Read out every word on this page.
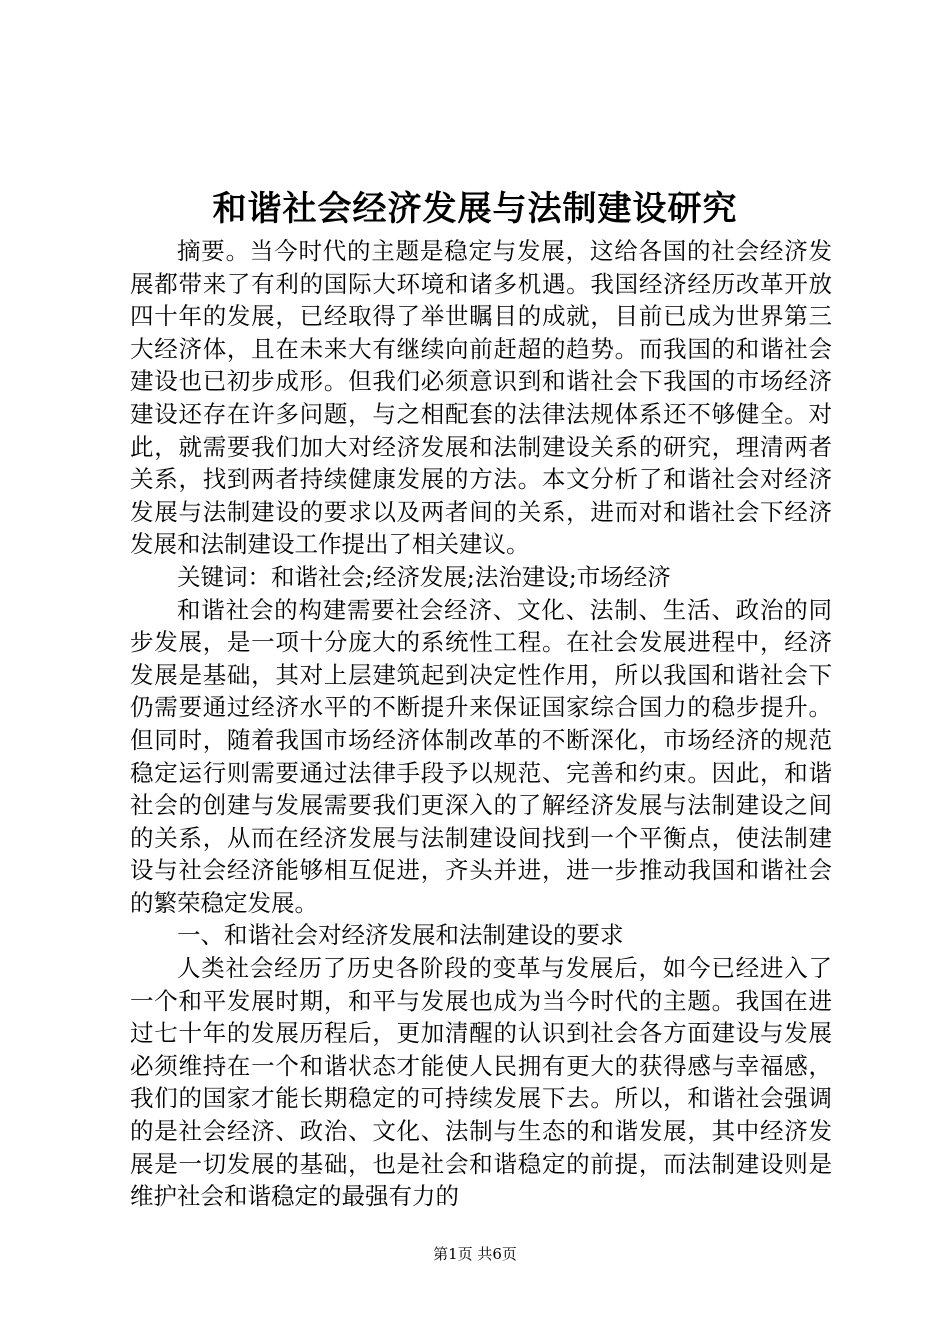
和谐社会经济发展与法制建设研究

摘要。当今时代的主题是稳定与发展，这给各国的社会经济发展都带来了有利的国际大环境和诸多机遇。我国经济经历改革开放四十年的发展，已经取得了举世瞩目的成就，目前已成为世界第三大经济体，且在未来大有继续向前赶超的趋势。而我国的和谐社会建设也已初步成形。但我们必须意识到和谐社会下我国的市场经济建设还存在许多问题，与之相配套的法律法规体系还不够健全。对此，就需要我们加大对经济发展和法制建设关系的研究，理清两者关系，找到两者持续健康发展的方法。本文分析了和谐社会对经济发展与法制建设的要求以及两者间的关系，进而对和谐社会下经济发展和法制建设工作提出了相关建议。

关键词：和谐社会;经济发展;法治建设;市场经济

和谐社会的构建需要社会经济、文化、法制、生活、政治的同步发展，是一项十分庞大的系统性工程。在社会发展进程中，经济发展是基础，其对上层建筑起到决定性作用，所以我国和谐社会下仍需要通过经济水平的不断提升来保证国家综合国力的稳步提升。但同时，随着我国市场经济体制改革的不断深化，市场经济的规范稳定运行则需要通过法律手段予以规范、完善和约束。因此，和谐社会的创建与发展需要我们更深入的了解经济发展与法制建设之间的关系，从而在经济发展与法制建设间找到一个平衡点，使法制建设与社会经济能够相互促进，齐头并进，进一步推动我国和谐社会的繁荣稳定发展。

一、和谐社会对经济发展和法制建设的要求

人类社会经历了历史各阶段的变革与发展后，如今已经进入了一个和平发展时期，和平与发展也成为当今时代的主题。我国在进过七十年的发展历程后，更加清醒的认识到社会各方面建设与发展必须维持在一个和谐状态才能使人民拥有更大的获得感与幸福感，我们的国家才能长期稳定的可持续发展下去。所以，和谐社会强调的是社会经济、政治、文化、法制与生态的和谐发展，其中经济发展是一切发展的基础，也是社会和谐稳定的前提，而法制建设则是维护社会和谐稳定的最强有力的

第1页 共6页
